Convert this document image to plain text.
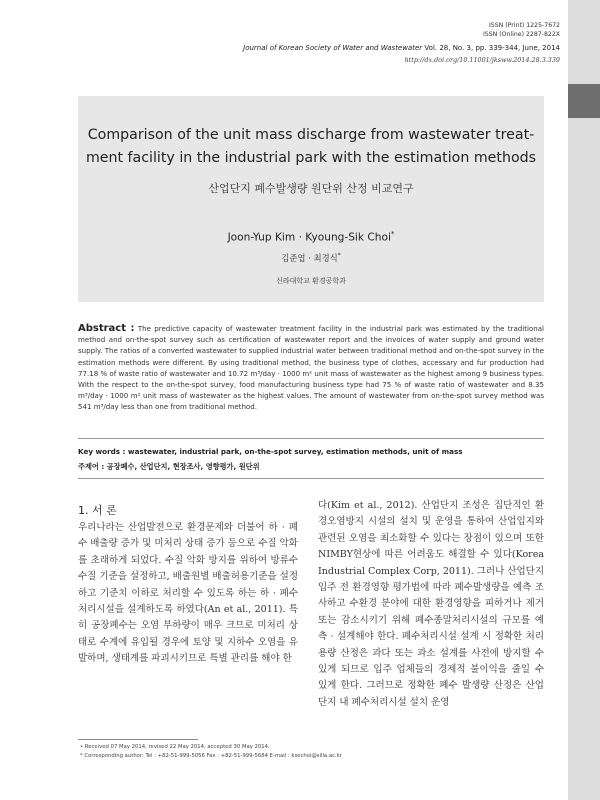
ISSN (Print) 1225-7672
ISSN (Online) 2287-822X
Journal of Korean Society of Water and Wastewater Vol. 28, No. 3, pp. 339-344, June, 2014
http://dx.doi.org/10.11001/jksww.2014.28.3.339
Comparison of the unit mass discharge from wastewater treat-
ment facility in the industrial park with the estimation methods
산업단지 폐수발생량 원단위 산정 비교연구
Joon-Yup Kim · Kyoung-Sik Choi*
김준엽 · 최경식*
신라대학교 환경공학과
Abstract : The predictive capacity of wastewater treatment facility in the industrial park was estimated by the traditional method and on-the-spot survey such as certification of wastewater report and the invoices of water supply and ground water supply. The ratios of a converted wastewater to supplied industrial water between traditional method and on-the-spot survey in the estimation methods were different. By using traditional method, the business type of clothes, accessary and fur production had 77.18 % of waste ratio of wastewater and 10.72 m³/day · 1000 m² unit mass of wastewater as the highest among 9 business types. With the respect to the on-the-spot survey, food manufacturing business type had 75 % of waste ratio of wastewater and 8.35 m³/day · 1000 m² unit mass of wastewater as the highest values. The amount of wastewater from on-the-spot survey method was 541 m³/day less than one from traditional method.
Key words : wastewater, industrial park, on-the-spot survey, estimation methods, unit of mass
주제어 : 공장폐수, 산업단지, 현장조사, 영향평가, 원단위
1. 서 론
우리나라는 산업발전으로 환경문제와 더불어 하 · 폐수 배출량 증가 및 미처리 상태 증가 등으로 수질 악화를 초래하게 되었다. 수질 악화 방지를 위하여 방류수 수질 기준을 설정하고, 배출원별 배출허용기준을 설정하고 기준치 이하로 처리할 수 있도록 하는 하 · 폐수 처리시설을 설계하도록 하였다(An et al., 2011). 특히 공장폐수는 오염 부하량이 매우 크므로 미처리 상태로 수계에 유입될 경우에 토양 및 지하수 오염을 유발하며, 생태계를 파괴시키므로 특별 관리를 해야 한
다(Kim et al., 2012). 산업단지 조성은 집단적인 환경오염방지 시설의 설치 및 운영을 통하여 산업입지와 관련된 오염을 최소화할 수 있다는 장점이 있으며 또한 NIMBY현상에 따른 어려움도 해결할 수 있다(Korea Industrial Complex Corp, 2011). 그러나 산업단지 입주 전 환경영향 평가법에 따라 폐수발생량을 예측 조사하고 수환경 분야에 대한 환경영향을 피하거나 제거 또는 감소시키기 위해 폐수종말처리시설의 규모를 예측 · 설계해야 한다. 폐수처리시설 설계 시 정확한 처리용량 산정은 과다 또는 과소 설계를 사전에 방지할 수 있게 되므로 입주 업체들의 경제적 불이익을 줄일 수 있게 한다. 그러므로 정확한 폐수 발생량 산정은 산업 단지 내 폐수처리시설 설치 운영
• Received 07 May 2014, revised 22 May 2014, accepted 30 May 2014.
* Corresponding author: Tel : +82-51-999-5056 Fax : +82-51-999-5684 E-mail : ksechoi@silla.ac.kr
